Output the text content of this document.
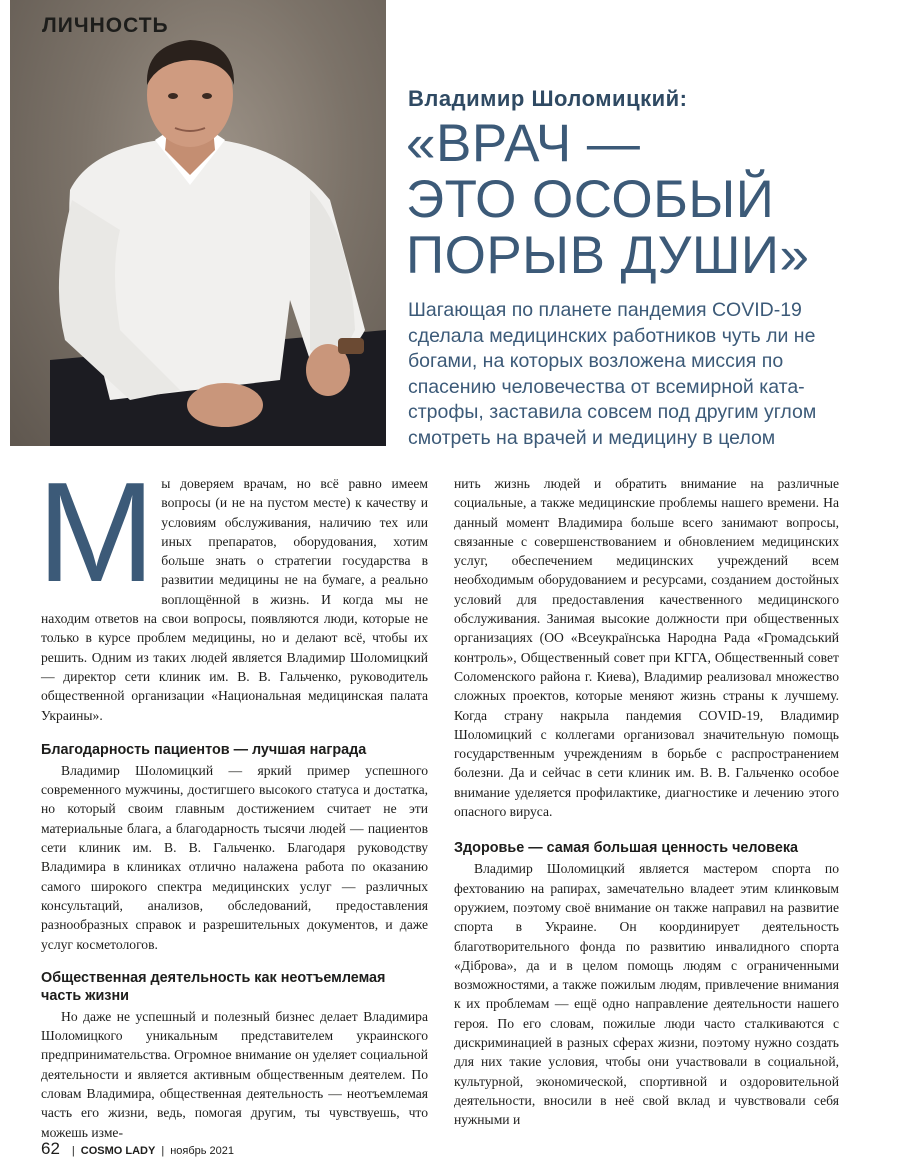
ЛИЧНОСТЬ
Владимир Шоломицкий:
«ВРАЧ —
ЭТО ОСОБЫЙ
ПОРЫВ ДУШИ»
Шагающая по планете пандемия COVID-19
сделала медицинских работников чуть ли не
богами, на которых возложена миссия по
спасению человечества от всемирной ката-
строфы, заставила совсем под другим углом
смотреть на врачей и медицину в целом

Мы доверяем врачам, но всё равно имеем вопросы (и не на пустом месте) к качеству и условиям обслуживания, наличию тех или иных препаратов, оборудования, хотим больше знать о стратегии государства в развитии медицины не на бумаге, а реально воплощённой в жизнь. И когда мы не находим ответов на свои вопросы, появляются люди, которые не только в курсе проблем медицины, но и делают всё, чтобы их решить. Одним из таких людей является Владимир Шоломицкий — директор сети клиник им. В. В. Гальченко, руководитель общественной организации «Национальная медицинская палата Украины».

Благодарность пациентов — лучшая награда

Владимир Шоломицкий — яркий пример успешного современного мужчины, достигшего высокого статуса и достатка, но который своим главным достижением считает не эти материальные блага, а благодарность тысячи людей — пациентов сети клиник им. В. В. Гальченко. Благодаря руководству Владимира в клиниках отлично налажена работа по оказанию самого широкого спектра медицинских услуг — различных консультаций, анализов, обследований, предоставления разнообразных справок и разрешительных документов, и даже услуг косметологов.

Общественная деятельность как неотъемлемая часть жизни

Но даже не успешный и полезный бизнес делает Владимира Шоломицкого уникальным представителем украинского предпринимательства. Огромное внимание он уделяет социальной деятельности и является активным общественным деятелем. По словам Владимира, общественная деятельность — неотъемлемая часть его жизни, ведь, помогая другим, ты чувствуешь, что можешь изме-

нить жизнь людей и обратить внимание на различные социальные, а также медицинские проблемы нашего времени. На данный момент Владимира больше всего занимают вопросы, связанные с совершенствованием и обновлением медицинских услуг, обеспечением медицинских учреждений всем необходимым оборудованием и ресурсами, созданием достойных условий для предоставления качественного медицинского обслуживания. Занимая высокие должности при общественных организациях (ОО «Всеукраїнська Народна Рада «Громадський контроль», Общественный совет при КГГА, Общественный совет Соломенского района г. Киева), Владимир реализовал множество сложных проектов, которые меняют жизнь страны к лучшему. Когда страну накрыла пандемия COVID-19, Владимир Шоломицкий с коллегами организовал значительную помощь государственным учреждениям в борьбе с распространением болезни. Да и сейчас в сети клиник им. В. В. Гальченко особое внимание уделяется профилактике, диагностике и лечению этого опасного вируса.

Здоровье — самая большая ценность человека

Владимир Шоломицкий является мастером спорта по фехтованию на рапирах, замечательно владеет этим клинковым оружием, поэтому своё внимание он также направил на развитие спорта в Украине. Он координирует деятельность благотворительного фонда по развитию инвалидного спорта «Діброва», да и в целом помощь людям с ограниченными возможностями, а также пожилым людям, привлечение внимания к их проблемам — ещё одно направление деятельности нашего героя. По его словам, пожилые люди часто сталкиваются с дискриминацией в разных сферах жизни, поэтому нужно создать для них такие условия, чтобы они участвовали в социальной, культурной, экономической, спортивной и оздоровительной деятельности, вносили в неё свой вклад и чувствовали себя нужными и

62 | COSMO LADY | ноябрь 2021
